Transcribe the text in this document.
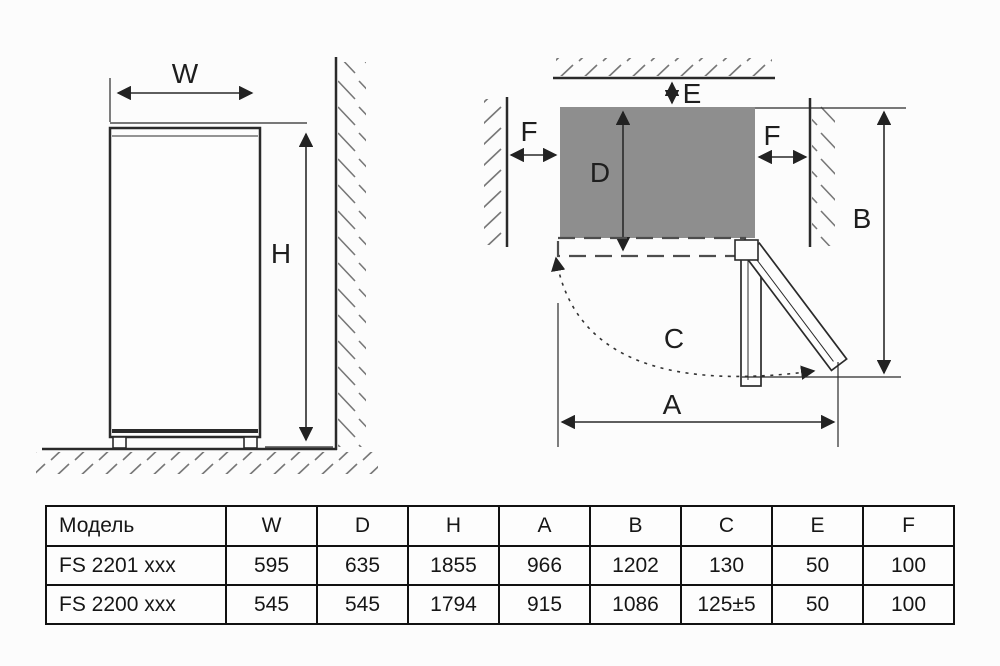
W
H
E
D
F	F
C
B
A
Модель	W	D	H	A	B	C	E	F
FS 2201 xxx	595	635	1855	966	1202	130	50	100
FS 2200 xxx	545	545	1794	915	1086	125±5	50	100
